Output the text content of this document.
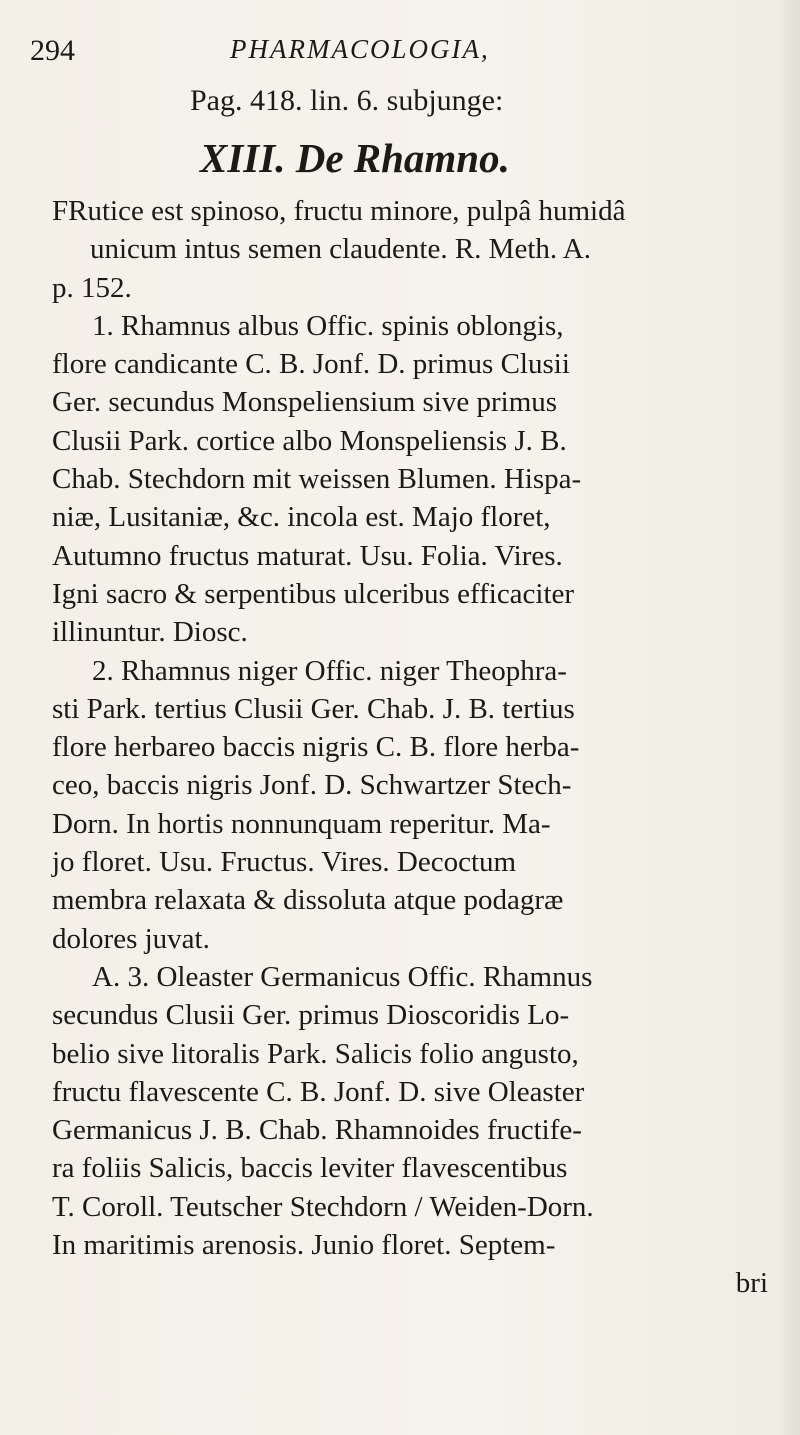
294	PHARMACOLOGIA,
Pag. 418. lin. 6. subjunge:
XIII. De Rhamno.
FRutice est spinoso, fructu minore, pulpâ humidâ
unicum intus semen claudente. R. Meth. A.
p. 152.
1. Rhamnus albus Offic. spinis oblongis,
flore candicante C. B. Jonf. D. primus Clusii
Ger. secundus Monspeliensium sive primus
Clusii Park. cortice albo Monspeliensis J. B.
Chab. Stechdorn mit weissen Blumen. Hispa-
niæ, Lusitaniæ, &c. incola est. Majo floret,
Autumno fructus maturat. Usu. Folia. Vires.
Igni sacro & serpentibus ulceribus efficaciter
illinuntur. Diosc.
2. Rhamnus niger Offic. niger Theophra-
sti Park. tertius Clusii Ger. Chab. J. B. tertius
flore herbareo baccis nigris C. B. flore herba-
ceo, baccis nigris Jonf. D. Schwartzer Stech-
Dorn. In hortis nonnunquam reperitur. Ma-
jo floret. Usu. Fructus. Vires. Decoctum
membra relaxata & dissoluta atque podagræ
dolores juvat.
A. 3. Oleaster Germanicus Offic. Rhamnus
secundus Clusii Ger. primus Dioscoridis Lo-
belio sive litoralis Park. Salicis folio angusto,
fructu flavescente C. B. Jonf. D. sive Oleaster
Germanicus J. B. Chab. Rhamnoides fructife-
ra foliis Salicis, baccis leviter flavescentibus
T. Coroll. Teutscher Stechdorn / Weiden-Dorn.
In maritimis arenosis. Junio floret. Septem-
bri
